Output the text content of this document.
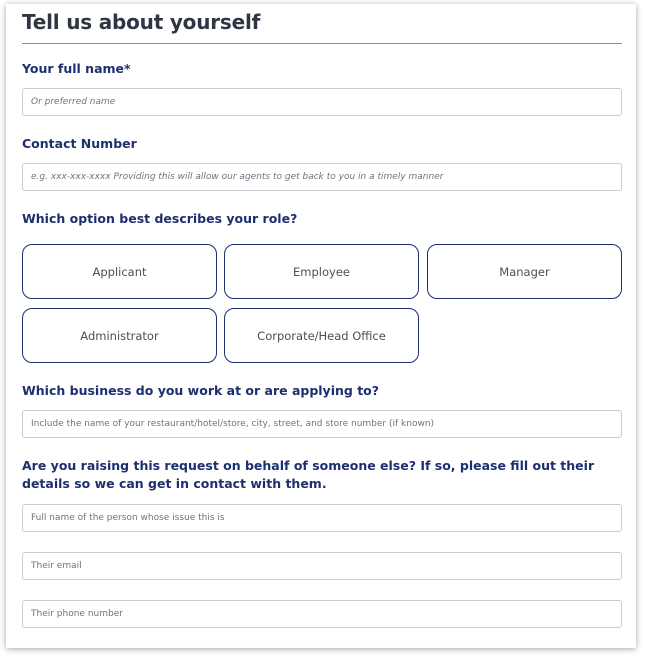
Tell us about yourself
Your full name*
Or preferred name
Contact Number
e.g. xxx-xxx-xxxx Providing this will allow our agents to get back to you in a timely manner
Which option best describes your role?
Applicant	Employee	Manager
Administrator	Corporate/Head Office
Which business do you work at or are applying to?
Include the name of your restaurant/hotel/store, city, street, and store number (if known)
Are you raising this request on behalf of someone else? If so, please fill out their details so we can get in contact with them.
Full name of the person whose issue this is
Their email
Their phone number
